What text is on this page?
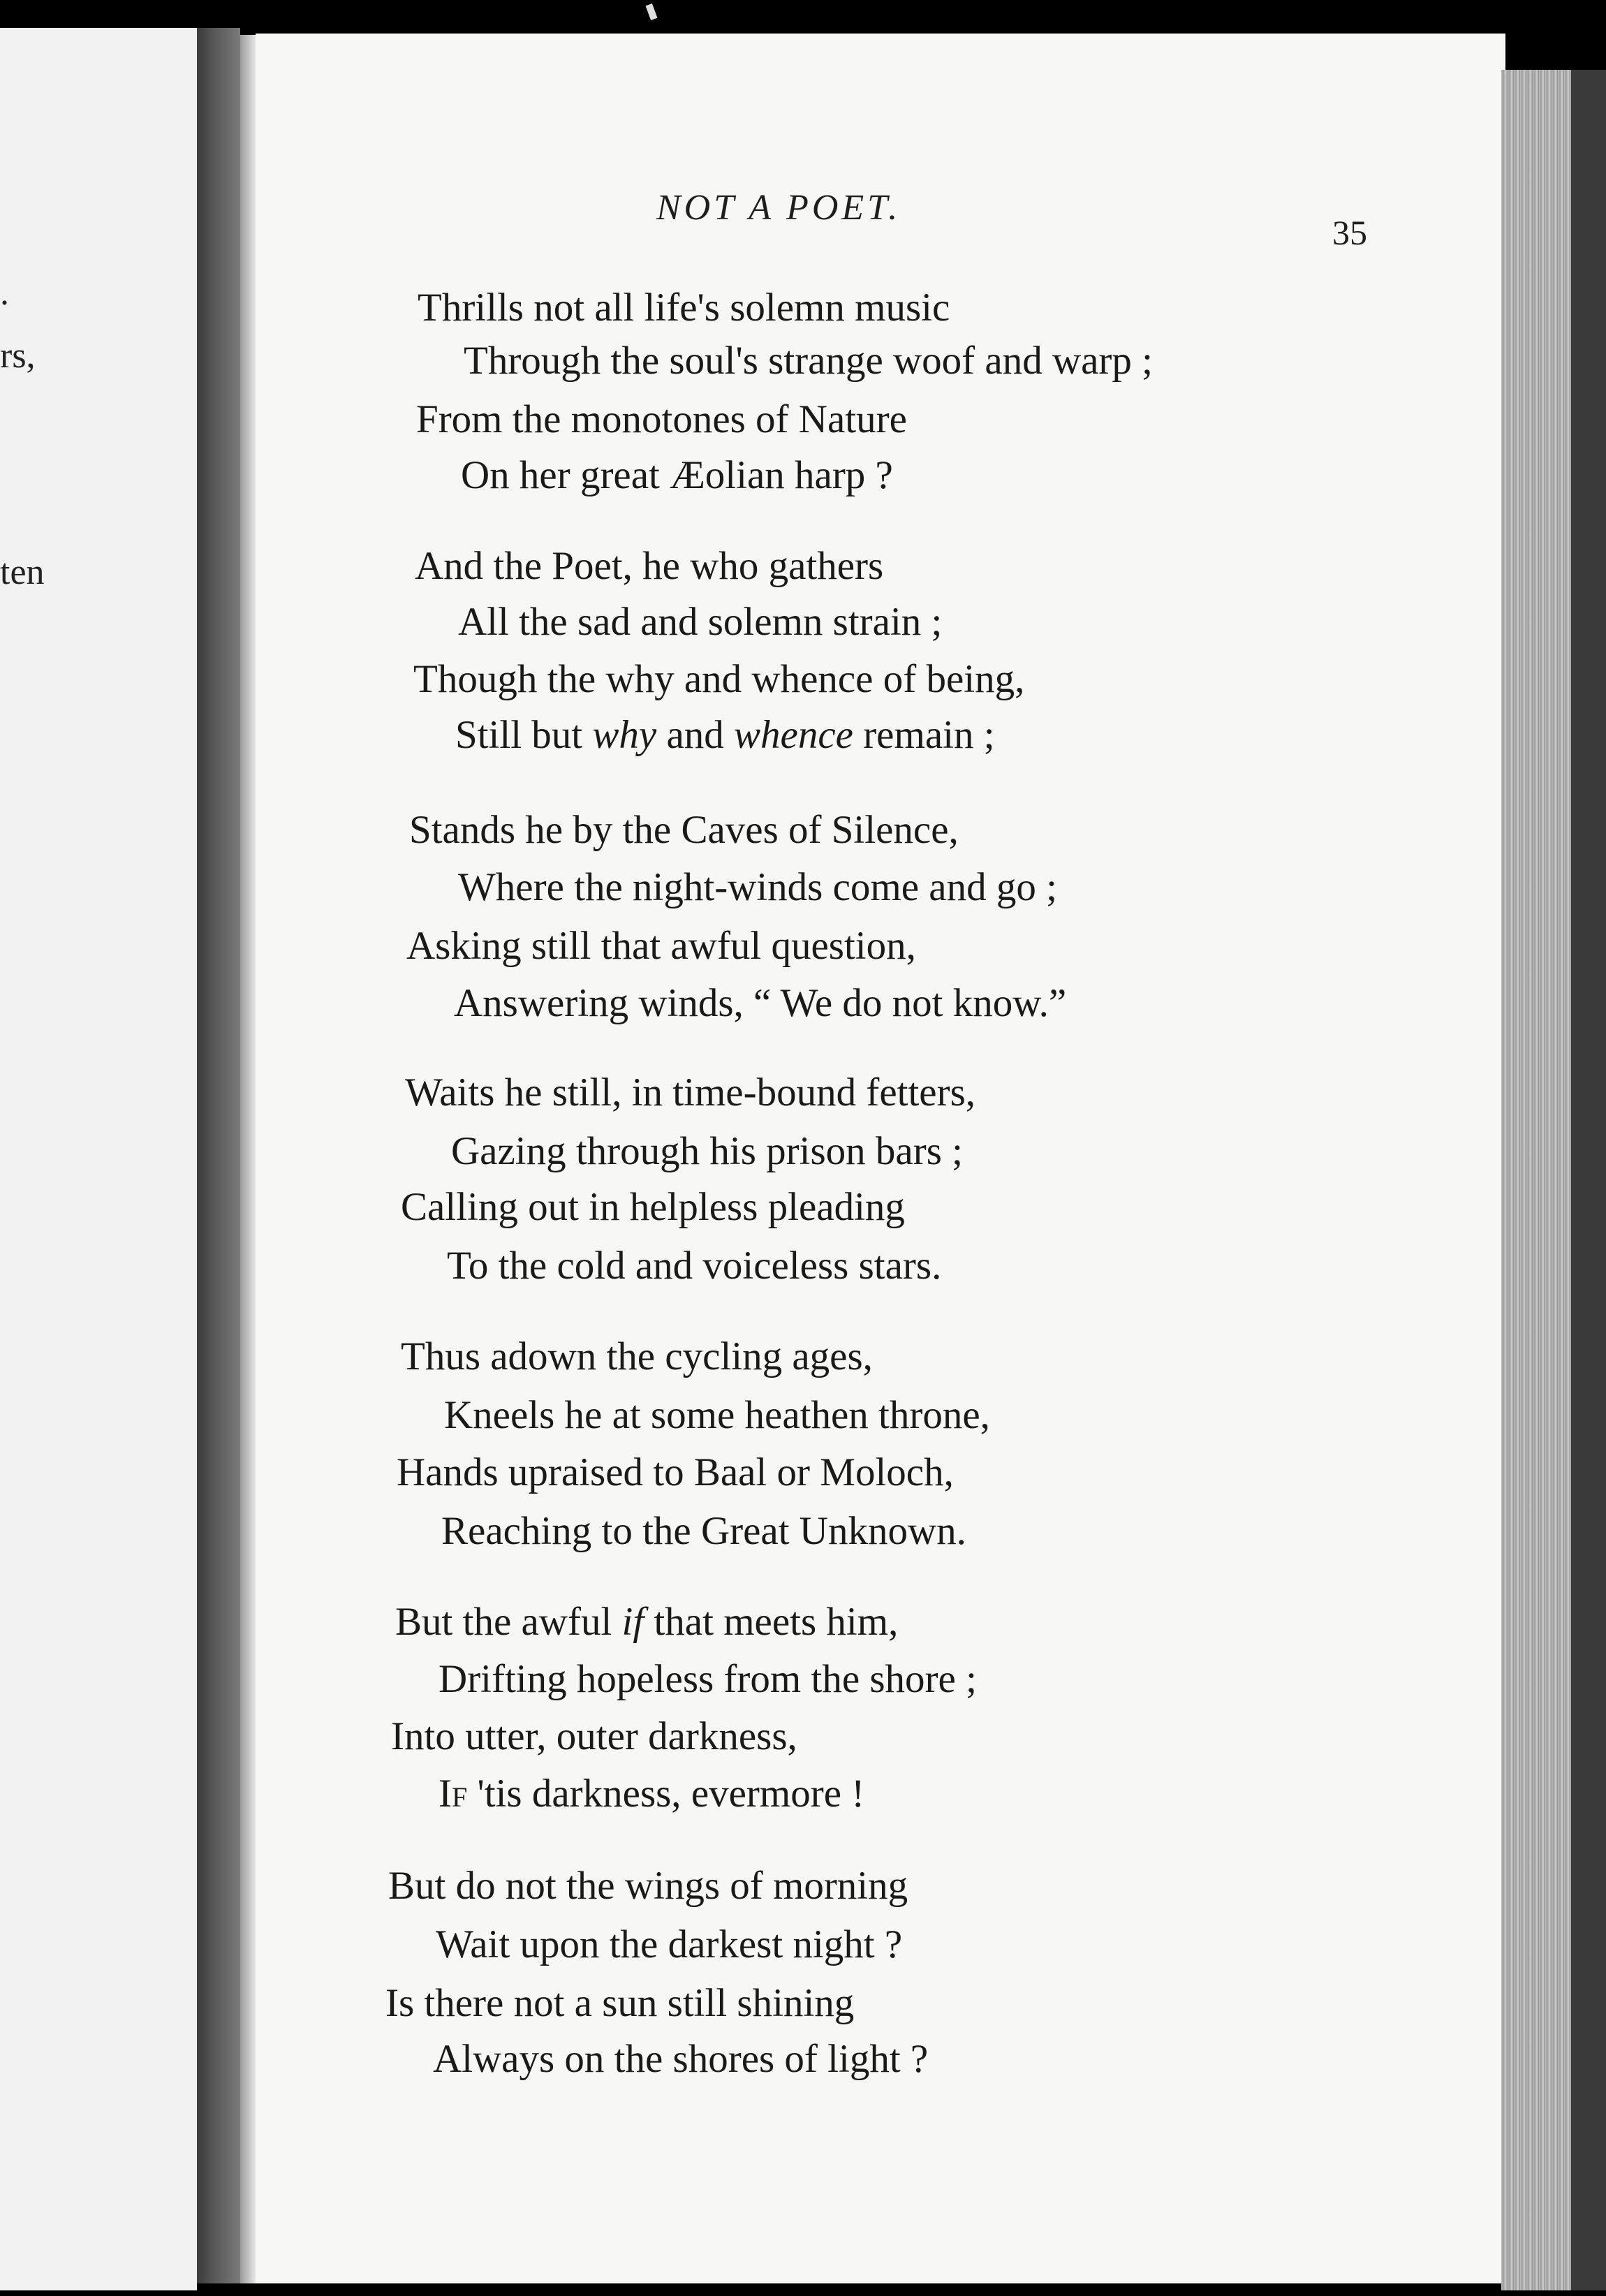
.
rs,
ten
NOT A POET.
35
Thrills not all life's solemn music
Through the soul's strange woof and warp ;
From the monotones of Nature
On her great Æolian harp ?
And the Poet, he who gathers
All the sad and solemn strain ;
Though the why and whence of being,
Still but why and whence remain ;
Stands he by the Caves of Silence,
Where the night-winds come and go ;
Asking still that awful question,
Answering winds, “ We do not know.”
Waits he still, in time-bound fetters,
Gazing through his prison bars ;
Calling out in helpless pleading
To the cold and voiceless stars.
Thus adown the cycling ages,
Kneels he at some heathen throne,
Hands upraised to Baal or Moloch,
Reaching to the Great Unknown.
But the awful if that meets him,
Drifting hopeless from the shore ;
Into utter, outer darkness,
If 'tis darkness, evermore !
But do not the wings of morning
Wait upon the darkest night ?
Is there not a sun still shining
Always on the shores of light ?
